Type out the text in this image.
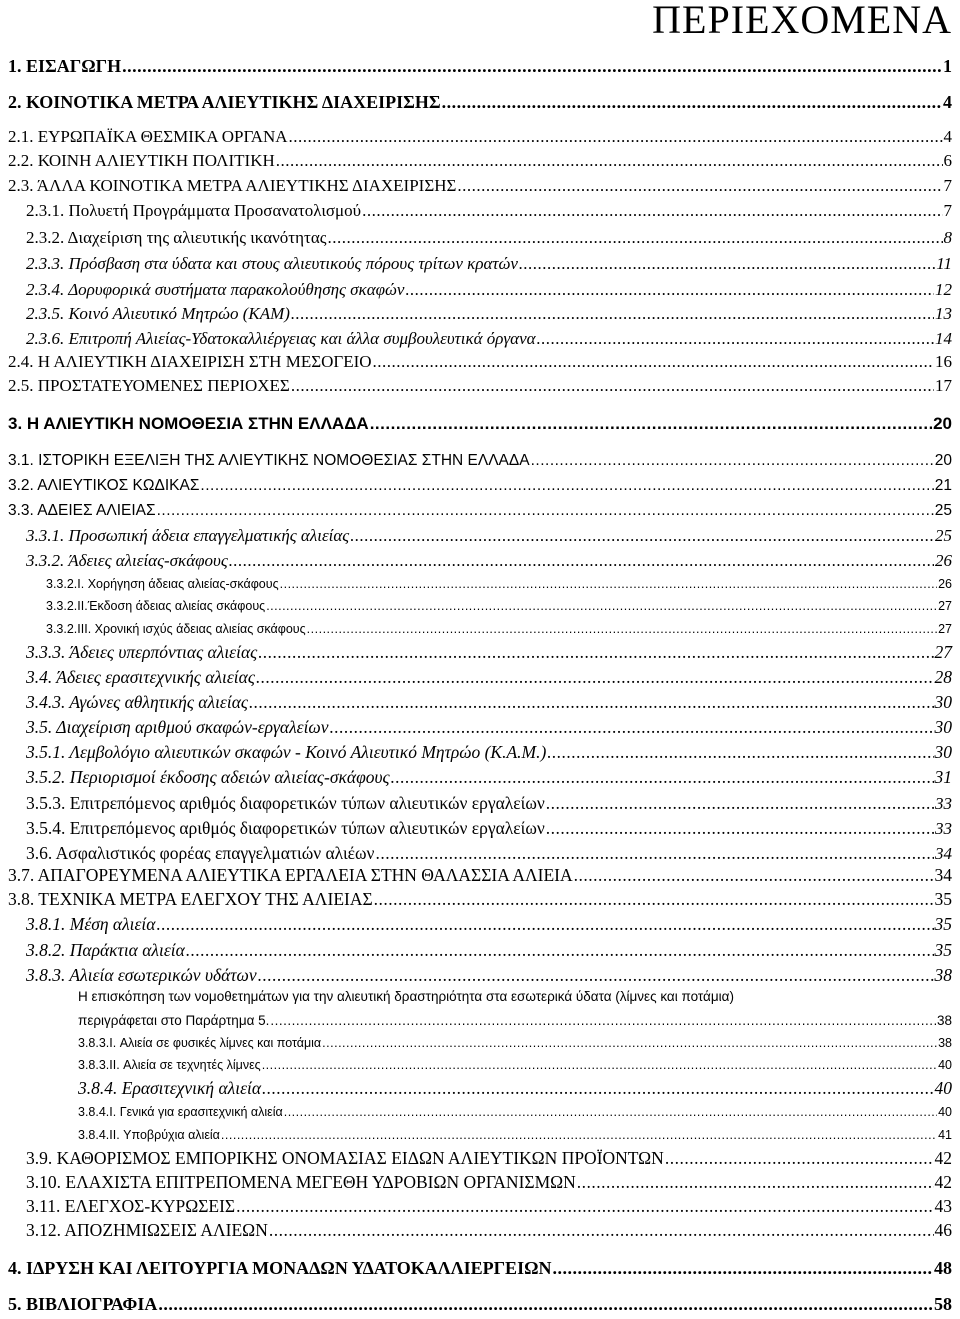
ΠΕΡΙΕΧΟΜΕΝΑ
1. ΕΙΣΑΓΩΓΗ .....	1
2. ΚΟΙΝΟΤΙΚΑ ΜΕΤΡΑ ΑΛΙΕΥΤΙΚΗΣ ΔΙΑΧΕΙΡΙΣΗΣ .....	4
2.1. ΕΥΡΩΠΑΪΚΑ ΘΕΣΜΙΚΑ ΟΡΓΑΝΑ .....	4
2.2. ΚΟΙΝΗ ΑΛΙΕΥΤΙΚΗ ΠΟΛΙΤΙΚΗ .....	6
2.3. ΆΛΛΑ ΚΟΙΝΟΤΙΚΑ ΜΕΤΡΑ ΑΛΙΕΥΤΙΚΗΣ ΔΙΑΧΕΙΡΙΣΗΣ .....	7
2.3.1. Πολυετή Προγράμματα Προσανατολισμού .....	7
2.3.2. Διαχείριση της αλιευτικής ικανότητας .....	8
2.3.3. Πρόσβαση στα ύδατα και στους αλιευτικούς πόρους τρίτων κρατών .....	11
2.3.4. Δορυφορικά συστήματα παρακολούθησης σκαφών .....	12
2.3.5. Κοινό Αλιευτικό Μητρώο (ΚΑΜ) .....	13
2.3.6. Επιτροπή Αλιείας-Υδατοκαλλιέργειας και άλλα συμβουλευτικά όργανα .....	14
2.4. Η ΑΛΙΕΥΤΙΚΗ ΔΙΑΧΕΙΡΙΣΗ ΣΤΗ ΜΕΣΟΓΕΙΟ .....	16
2.5. ΠΡΟΣΤΑΤΕΥΟΜΕΝΕΣ ΠΕΡΙΟΧΕΣ .....	17
3. Η ΑΛΙΕΥΤΙΚΗ ΝΟΜΟΘΕΣΙΑ ΣΤΗΝ ΕΛΛΑΔΑ .....	20
3.1. ΙΣΤΟΡΙΚΗ ΕΞΕΛΙΞΗ ΤΗΣ ΑΛΙΕΥΤΙΚΗΣ ΝΟΜΟΘΕΣΙΑΣ ΣΤΗΝ ΕΛΛΑΔΑ .....	20
3.2. ΑΛΙΕΥΤΙΚΟΣ ΚΩΔΙΚΑΣ .....	21
3.3. ΑΔΕΙΕΣ ΑΛΙΕΙΑΣ .....	25
3.3.1. Προσωπική άδεια επαγγελματικής αλιείας .....	25
3.3.2. Άδειες αλιείας-σκάφους .....	26
3.3.2.I. Χορήγηση άδειας αλιείας-σκάφους .....	26
3.3.2.II.Έκδοση άδειας αλιείας σκάφους .....	27
3.3.2.III. Χρονική ισχύς άδειας αλιείας σκάφους .....	27
3.3.3. Άδειες υπερπόντιας αλιείας .....	27
3.4. Άδειες ερασιτεχνικής αλιείας .....	28
3.4.3. Αγώνες αθλητικής αλιείας .....	30
3.5. Διαχείριση αριθμού σκαφών-εργαλείων .....	30
3.5.1. Λεμβολόγιο αλιευτικών σκαφών - Κοινό Αλιευτικό Μητρώο (Κ.Α.Μ.) .....	30
3.5.2. Περιορισμοί έκδοσης αδειών αλιείας-σκάφους .....	31
3.5.3. Επιτρεπόμενος αριθμός διαφορετικών τύπων αλιευτικών εργαλείων .....	33
3.5.4. Επιτρεπόμενος αριθμός διαφορετικών τύπων αλιευτικών εργαλείων .....	33
3.6. Ασφαλιστικός φορέας επαγγελματιών αλιέων .....	34
3.7. ΑΠΑΓΟΡΕΥΜΕΝΑ ΑΛΙΕΥΤΙΚΑ ΕΡΓΑΛΕΙΑ ΣΤΗΝ ΘΑΛΑΣΣΙΑ ΑΛΙΕΙΑ .....	34
3.8. ΤΕΧΝΙΚΑ ΜΕΤΡΑ ΕΛΕΓΧΟΥ ΤΗΣ ΑΛΙΕΙΑΣ .....	35
3.8.1. Μέση αλιεία .....	35
3.8.2. Παράκτια αλιεία .....	35
3.8.3. Αλιεία εσωτερικών υδάτων .....	38
Η επισκόπηση των νομοθετημάτων για την αλιευτική δραστηριότητα στα εσωτερικά ύδατα (λίμνες και ποτάμια)
περιγράφεται στο Παράρτημα 5. .....	38
3.8.3.I. Αλιεία σε φυσικές λίμνες και ποτάμια .....	38
3.8.3.II. Αλιεία σε τεχνητές λίμνες .....	40
3.8.4. Ερασιτεχνική αλιεία .....	40
3.8.4.I. Γενικά για ερασιτεχνική αλιεία .....	40
3.8.4.II. Υποβρύχια αλιεία .....	41
3.9. ΚΑΘΟΡΙΣΜΟΣ ΕΜΠΟΡΙΚΗΣ ΟΝΟΜΑΣΙΑΣ ΕΙΔΩΝ ΑΛΙΕΥΤΙΚΩΝ ΠΡΟΪΟΝΤΩΝ .....	42
3.10. ΕΛΑΧΙΣΤΑ ΕΠΙΤΡΕΠΟΜΕΝΑ ΜΕΓΕΘΗ ΥΔΡΟΒΙΩΝ ΟΡΓΑΝΙΣΜΩΝ .....	42
3.11. ΕΛΕΓΧΟΣ-ΚΥΡΩΣΕΙΣ .....	43
3.12. ΑΠΟΖΗΜΙΩΣΕΙΣ ΑΛΙΕΩΝ .....	46
4. ΙΔΡΥΣΗ ΚΑΙ ΛΕΙΤΟΥΡΓΙΑ ΜΟΝΑΔΩΝ ΥΔΑΤΟΚΑΛΛΙΕΡΓΕΙΩΝ .....	48
5. ΒΙΒΛΙΟΓΡΑΦΙΑ .....	58
